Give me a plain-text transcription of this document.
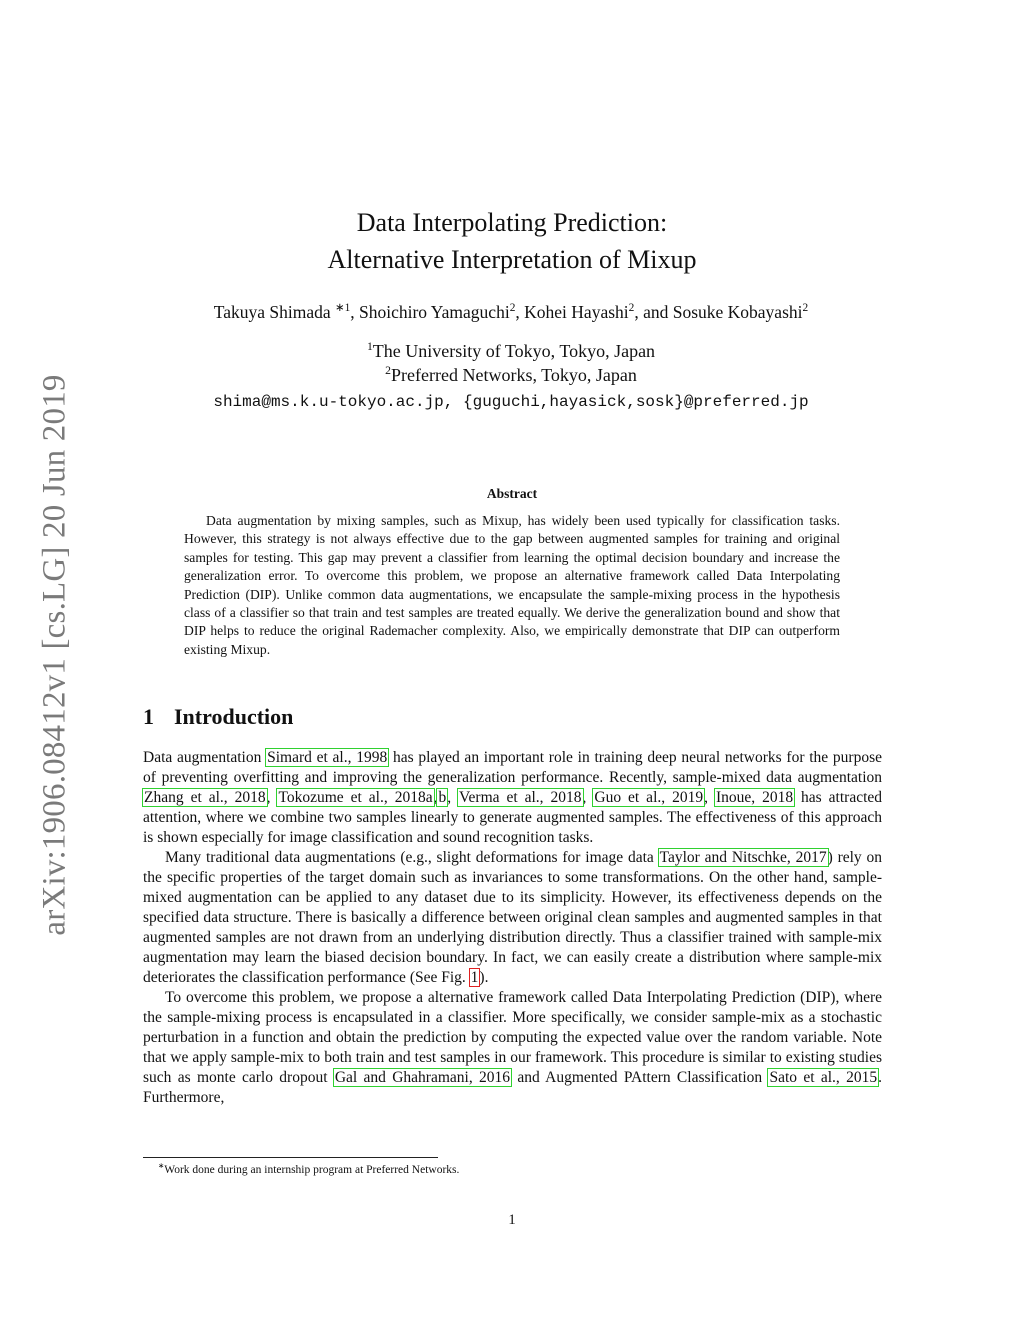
arXiv:1906.08412v1 [cs.LG] 20 Jun 2019
Data Interpolating Prediction:
Alternative Interpretation of Mixup
Takuya Shimada $^{∗1}$, Shoichiro Yamaguchi$^2$, Kohei Hayashi$^2$, and Sosuke Kobayashi$^2$
$^1$The University of Tokyo, Tokyo, Japan
$^2$Preferred Networks, Tokyo, Japan
shima@ms.k.u-tokyo.ac.jp, {guguchi,hayasick,sosk}@preferred.jp
Abstract
Data augmentation by mixing samples, such as Mixup, has widely been used typically for classification tasks. However, this strategy is not always effective due to the gap between augmented samples for training and original samples for testing. This gap may prevent a classifier from learning the optimal decision boundary and increase the generalization error. To overcome this problem, we propose an alternative framework called Data Interpolating Prediction (DIP). Unlike common data augmentations, we encapsulate the sample-mixing process in the hypothesis class of a classifier so that train and test samples are treated equally. We derive the generalization bound and show that DIP helps to reduce the original Rademacher complexity. Also, we empirically demonstrate that DIP can outperform existing Mixup.
1 Introduction

Data augmentation Simard et al., 1998 has played an important role in training deep neural networks for the purpose of preventing overfitting and improving the generalization performance. Recently, sample-mixed data augmentation Zhang et al., 2018, Tokozume et al., 2018a,b, Verma et al., 2018, Guo et al., 2019, Inoue, 2018 has attracted attention, where we combine two samples linearly to generate augmented samples. The effectiveness of this approach is shown especially for image classification and sound recognition tasks.

Many traditional data augmentations (e.g., slight deformations for image data Taylor and Nitschke, 2017) rely on the specific properties of the target domain such as invariances to some transformations. On the other hand, sample-mixed augmentation can be applied to any dataset due to its simplicity. However, its effectiveness depends on the specified data structure. There is basically a difference between original clean samples and augmented samples in that augmented samples are not drawn from an underlying distribution directly. Thus a classifier trained with sample-mix augmentation may learn the biased decision boundary. In fact, we can easily create a distribution where sample-mix deteriorates the classification performance (See Fig. 1).

To overcome this problem, we propose a alternative framework called Data Interpolating Prediction (DIP), where the sample-mixing process is encapsulated in a classifier. More specifically, we consider sample-mix as a stochastic perturbation in a function and obtain the prediction by computing the expected value over the random variable. Note that we apply sample-mix to both train and test samples in our framework. This procedure is similar to existing studies such as monte carlo dropout Gal and Ghahramani, 2016 and Augmented PAttern Classification Sato et al., 2015. Furthermore,

∗Work done during an internship program at Preferred Networks.
1
